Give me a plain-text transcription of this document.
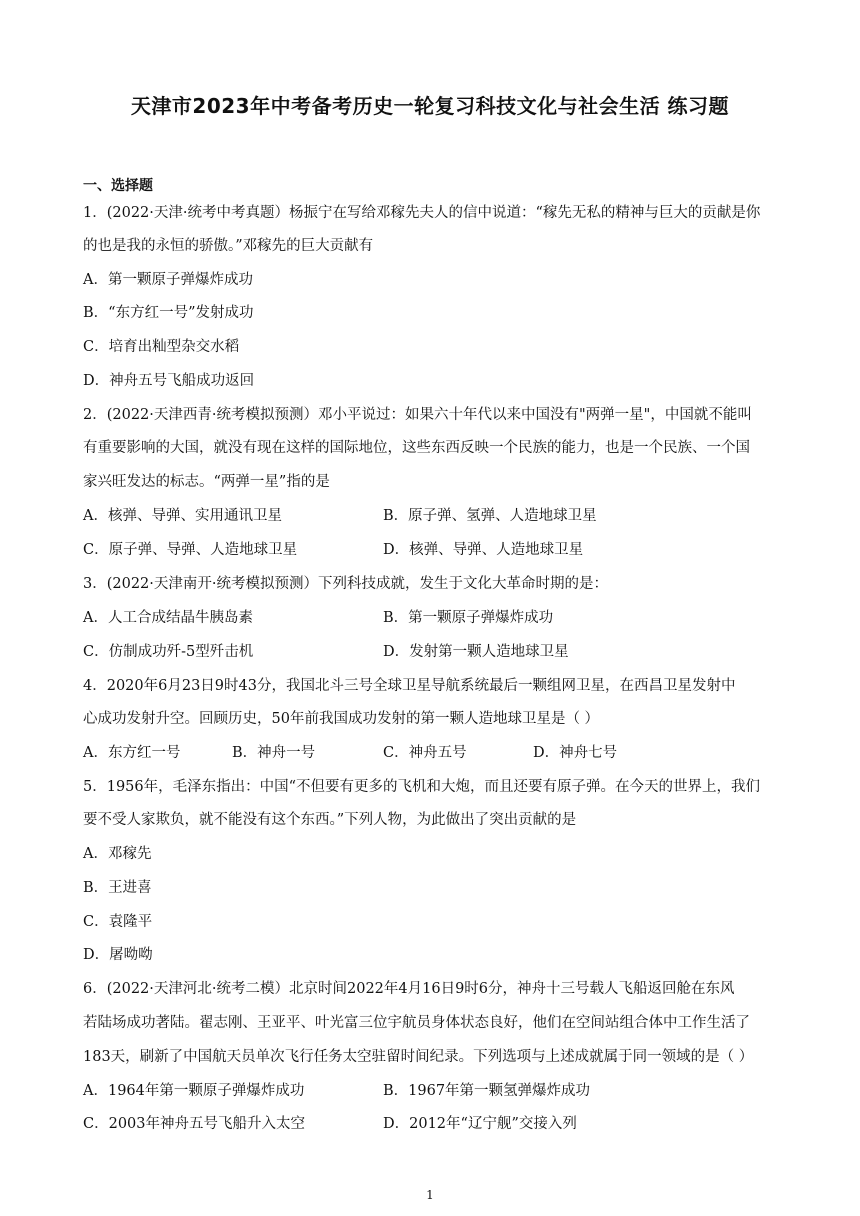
天津市2023年中考备考历史一轮复习科技文化与社会生活 练习题
一、选择题
1．(2022·天津·统考中考真题）杨振宁在写给邓稼先夫人的信中说道：“稼先无私的精神与巨大的贡献是你
的也是我的永恒的骄傲。”邓稼先的巨大贡献有
A．第一颗原子弹爆炸成功
B．“东方红一号”发射成功
C．培育出籼型杂交水稻
D．神舟五号飞船成功返回
2．(2022·天津西青·统考模拟预测）邓小平说过：如果六十年代以来中国没有"两弹一星"，中国就不能叫
有重要影响的大国，就没有现在这样的国际地位，这些东西反映一个民族的能力，也是一个民族、一个国
家兴旺发达的标志。“两弹一星”指的是
A．核弹、导弹、实用通讯卫星	B．原子弹、氢弹、人造地球卫星
C．原子弹、导弹、人造地球卫星	D．核弹、导弹、人造地球卫星
3．(2022·天津南开·统考模拟预测）下列科技成就，发生于文化大革命时期的是：
A．人工合成结晶牛胰岛素	B．第一颗原子弹爆炸成功
C．仿制成功歼-5型歼击机	D．发射第一颗人造地球卫星
4．2020年6月23日9时43分，我国北斗三号全球卫星导航系统最后一颗组网卫星，在西昌卫星发射中
心成功发射升空。回顾历史，50年前我国成功发射的第一颗人造地球卫星是（ ）
A．东方红一号	B．神舟一号	C．神舟五号	D．神舟七号
5．1956年，毛泽东指出：中国“不但要有更多的飞机和大炮，而且还要有原子弹。在今天的世界上，我们
要不受人家欺负，就不能没有这个东西。”下列人物，为此做出了突出贡献的是
A．邓稼先
B．王进喜
C．袁隆平
D．屠呦呦
6．(2022·天津河北·统考二模）北京时间2022年4月16日9时6分，神舟十三号载人飞船返回舱在东风
若陆场成功著陆。翟志刚、王亚平、叶光富三位宇航员身体状态良好，他们在空间站组合体中工作生活了
183天，刷新了中国航天员单次飞行任务太空驻留时间纪录。下列选项与上述成就属于同一领域的是（ ）
A．1964年第一颗原子弹爆炸成功	B．1967年第一颗氢弹爆炸成功
C．2003年神舟五号飞船升入太空	D．2012年“辽宁舰”交接入列
1
